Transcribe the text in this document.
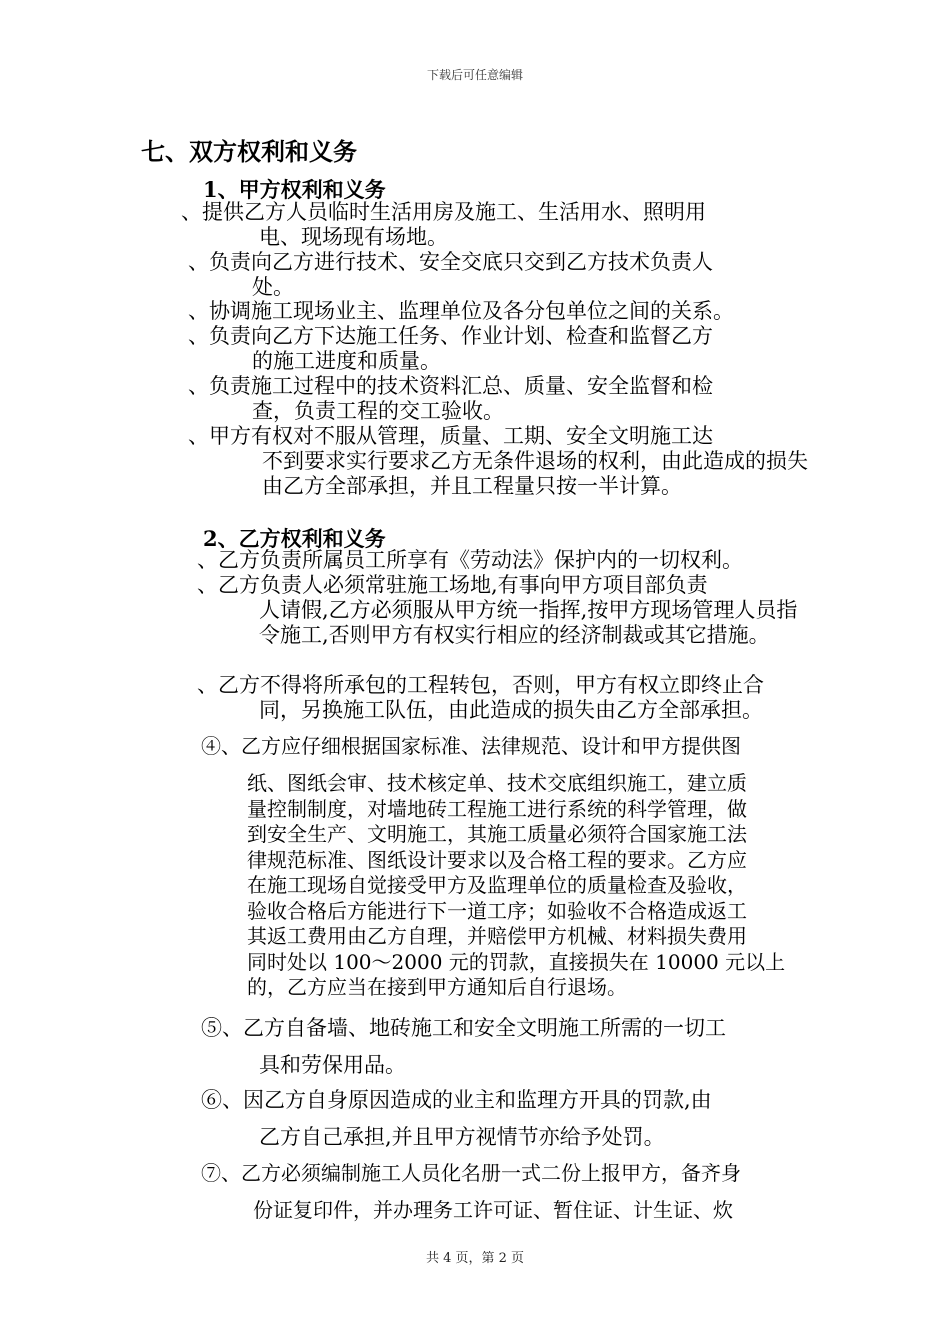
下载后可任意编辑
七、双方权利和义务
1、甲方权利和义务
、提供乙方人员临时生活用房及施工、生活用水、照明用
电、现场现有场地。
、负责向乙方进行技术、安全交底只交到乙方技术负责人
处。
、协调施工现场业主、监理单位及各分包单位之间的关系。
、负责向乙方下达施工任务、作业计划、检查和监督乙方
的施工进度和质量。
、负责施工过程中的技术资料汇总、质量、安全监督和检
查，负责工程的交工验收。
、甲方有权对不服从管理，质量、工期、安全文明施工达
不到要求实行要求乙方无条件退场的权利，由此造成的损失由乙方全部承担，并且工程量只按一半计算。
2、乙方权利和义务
、乙方负责所属员工所享有《劳动法》保护内的一切权利。
、乙方负责人必须常驻施工场地,有事向甲方项目部负责
人请假,乙方必须服从甲方统一指挥,按甲方现场管理人员指令施工,否则甲方有权实行相应的经济制裁或其它措施。
、乙方不得将所承包的工程转包，否则，甲方有权立即终止合
同，另换施工队伍，由此造成的损失由乙方全部承担。
④、乙方应仔细根据国家标准、法律规范、设计和甲方提供图
纸、图纸会审、技术核定单、技术交底组织施工，建立质
量控制制度，对墙地砖工程施工进行系统的科学管理，做
到安全生产、文明施工，其施工质量必须符合国家施工法
律规范标准、图纸设计要求以及合格工程的要求。乙方应
在施工现场自觉接受甲方及监理单位的质量检查及验收，
验收合格后方能进行下一道工序；如验收不合格造成返工
其返工费用由乙方自理，并赔偿甲方机械、材料损失费用
同时处以 100～2000 元的罚款，直接损失在 10000 元以上
的，乙方应当在接到甲方通知后自行退场。
⑤、乙方自备墙、地砖施工和安全文明施工所需的一切工
具和劳保用品。
⑥、因乙方自身原因造成的业主和监理方开具的罚款,由
乙方自己承担,并且甲方视情节亦给予处罚。
⑦、乙方必须编制施工人员化名册一式二份上报甲方，备齐身
份证复印件，并办理务工许可证、暂住证、计生证、炊
共 4 页，第 2 页
